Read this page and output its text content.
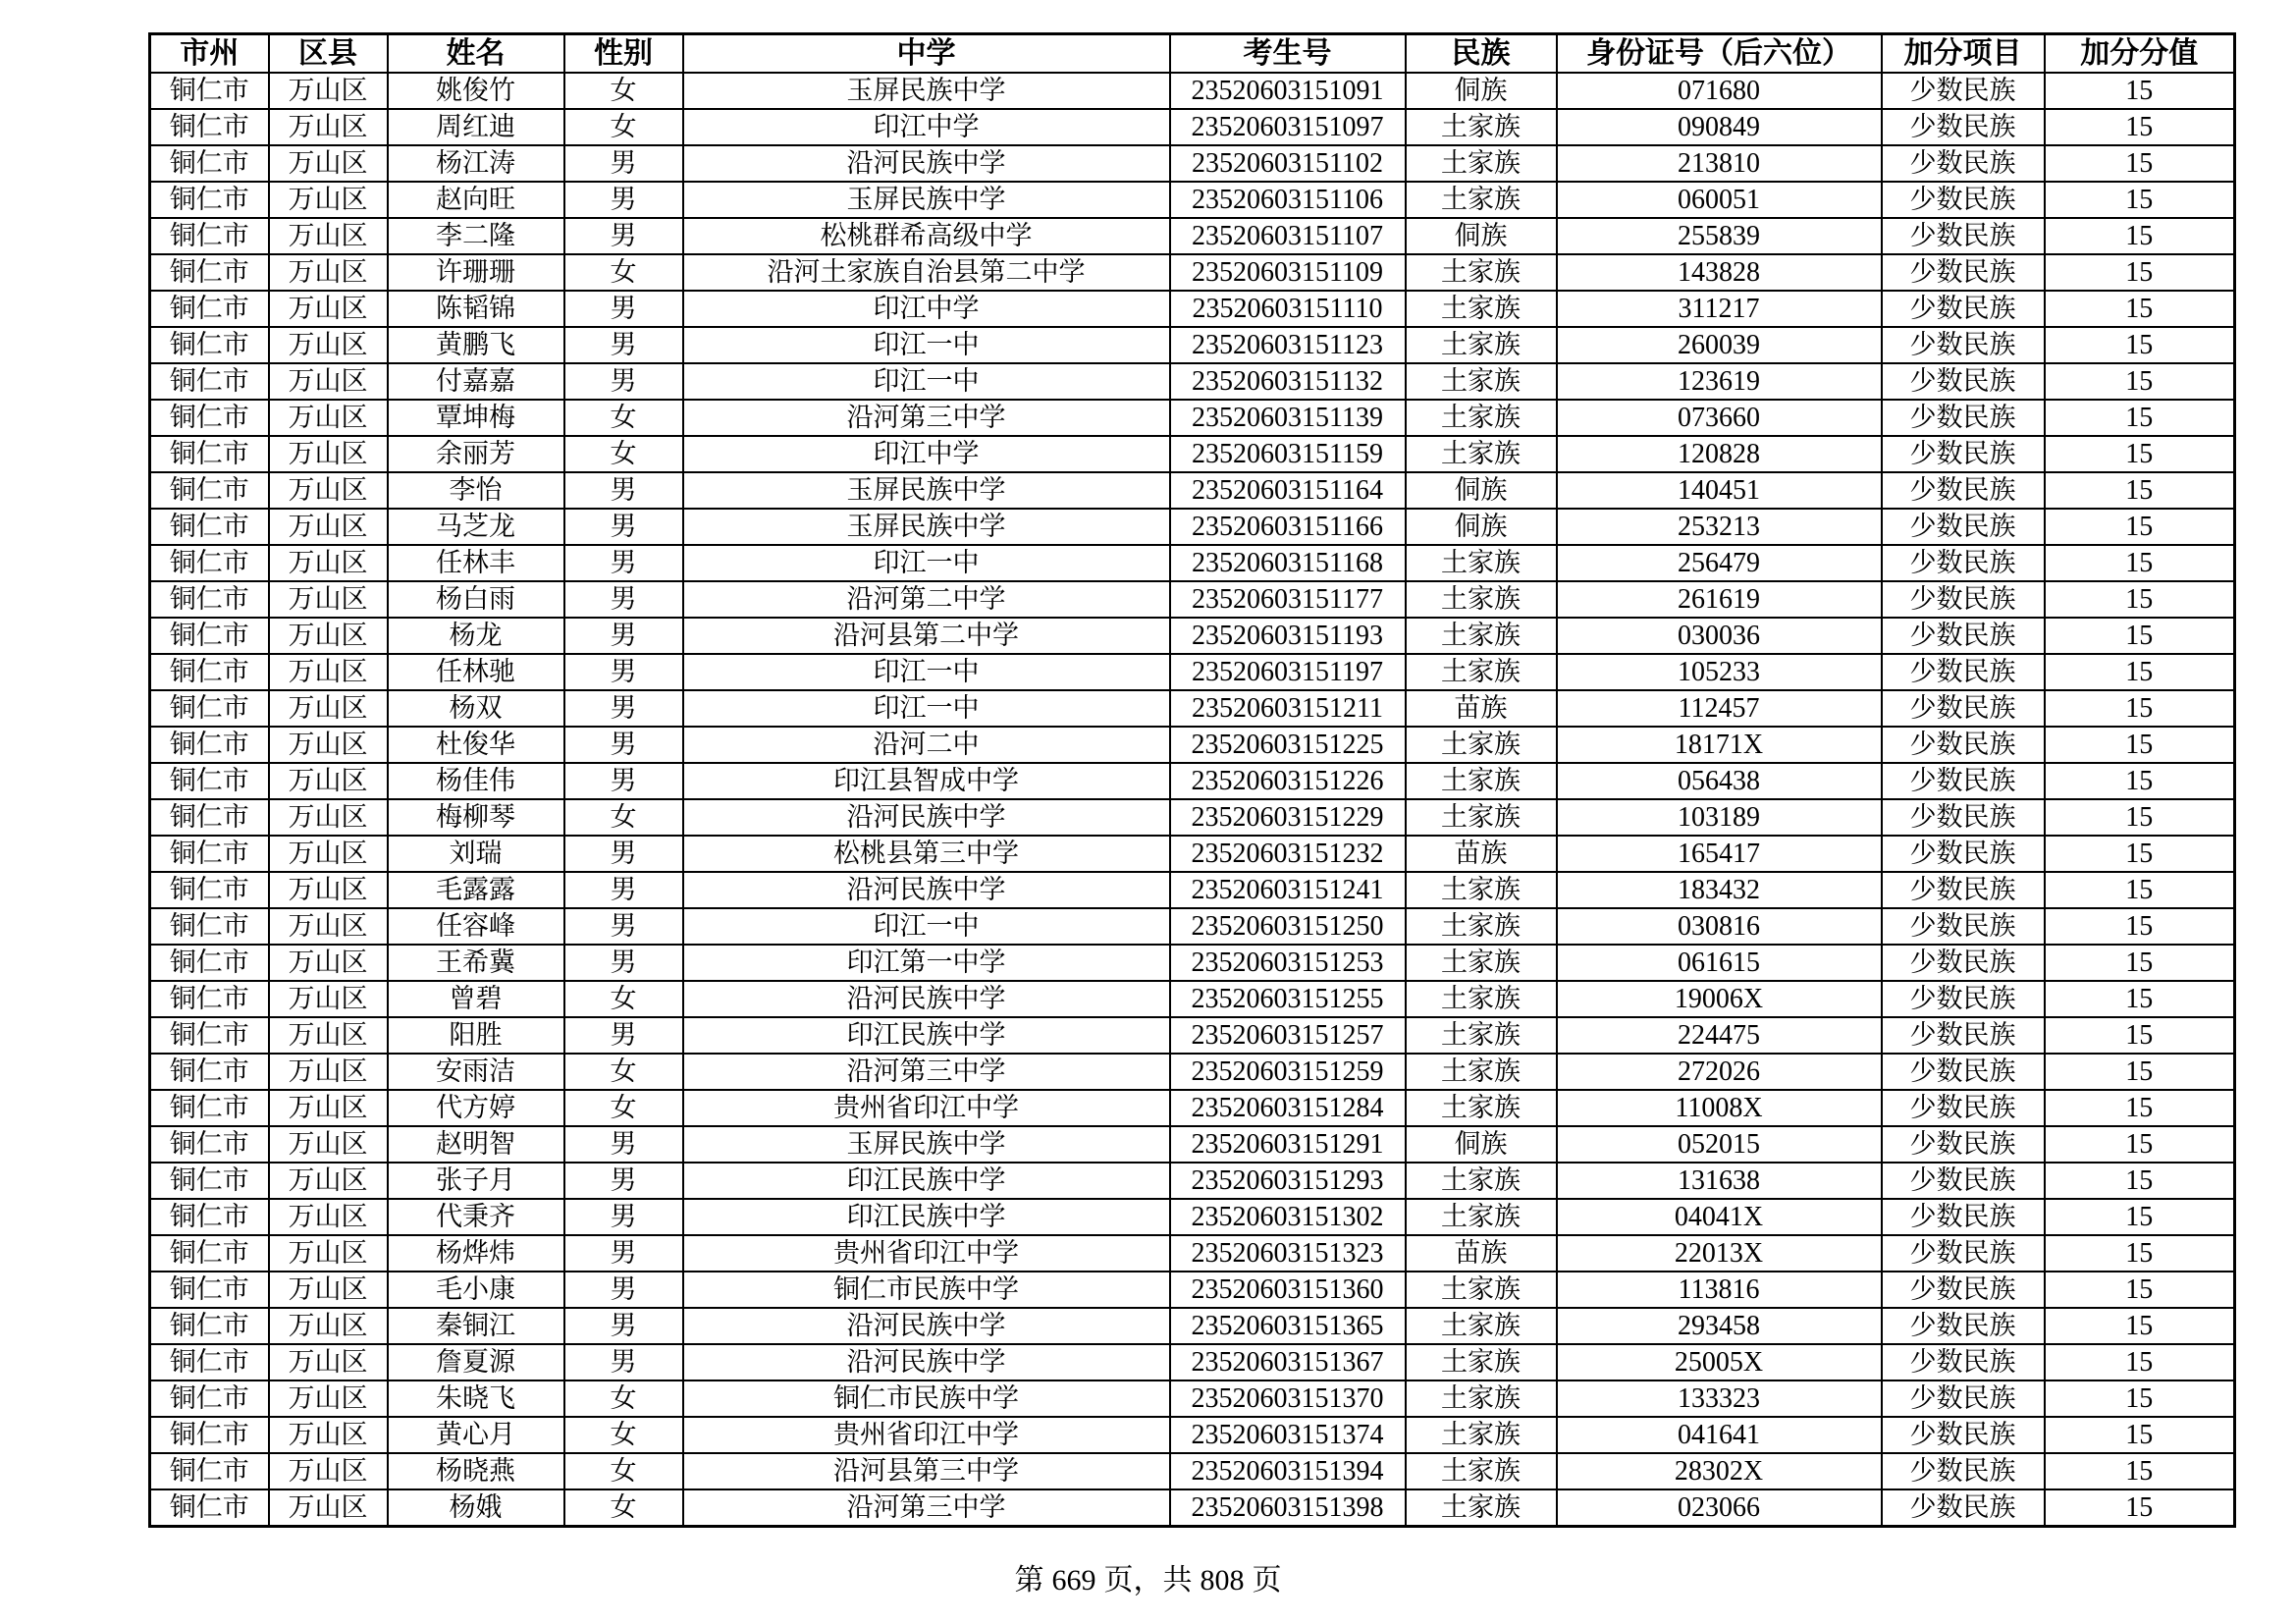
市州	区县	姓名	性别	中学	考生号	民族	身份证号（后六位）	加分项目	加分分值
铜仁市	万山区	姚俊竹	女	玉屏民族中学	23520603151091	侗族	071680	少数民族	15
铜仁市	万山区	周红迪	女	印江中学	23520603151097	土家族	090849	少数民族	15
铜仁市	万山区	杨江涛	男	沿河民族中学	23520603151102	土家族	213810	少数民族	15
铜仁市	万山区	赵向旺	男	玉屏民族中学	23520603151106	土家族	060051	少数民族	15
铜仁市	万山区	李二隆	男	松桃群希高级中学	23520603151107	侗族	255839	少数民族	15
铜仁市	万山区	许珊珊	女	沿河土家族自治县第二中学	23520603151109	土家族	143828	少数民族	15
铜仁市	万山区	陈韬锦	男	印江中学	23520603151110	土家族	311217	少数民族	15
铜仁市	万山区	黄鹏飞	男	印江一中	23520603151123	土家族	260039	少数民族	15
铜仁市	万山区	付嘉嘉	男	印江一中	23520603151132	土家族	123619	少数民族	15
铜仁市	万山区	覃坤梅	女	沿河第三中学	23520603151139	土家族	073660	少数民族	15
铜仁市	万山区	余丽芳	女	印江中学	23520603151159	土家族	120828	少数民族	15
铜仁市	万山区	李怡	男	玉屏民族中学	23520603151164	侗族	140451	少数民族	15
铜仁市	万山区	马芝龙	男	玉屏民族中学	23520603151166	侗族	253213	少数民族	15
铜仁市	万山区	任林丰	男	印江一中	23520603151168	土家族	256479	少数民族	15
铜仁市	万山区	杨白雨	男	沿河第二中学	23520603151177	土家族	261619	少数民族	15
铜仁市	万山区	杨龙	男	沿河县第二中学	23520603151193	土家族	030036	少数民族	15
铜仁市	万山区	任林驰	男	印江一中	23520603151197	土家族	105233	少数民族	15
铜仁市	万山区	杨双	男	印江一中	23520603151211	苗族	112457	少数民族	15
铜仁市	万山区	杜俊华	男	沿河二中	23520603151225	土家族	18171X	少数民族	15
铜仁市	万山区	杨佳伟	男	印江县智成中学	23520603151226	土家族	056438	少数民族	15
铜仁市	万山区	梅柳琴	女	沿河民族中学	23520603151229	土家族	103189	少数民族	15
铜仁市	万山区	刘瑞	男	松桃县第三中学	23520603151232	苗族	165417	少数民族	15
铜仁市	万山区	毛露露	男	沿河民族中学	23520603151241	土家族	183432	少数民族	15
铜仁市	万山区	任容峰	男	印江一中	23520603151250	土家族	030816	少数民族	15
铜仁市	万山区	王希冀	男	印江第一中学	23520603151253	土家族	061615	少数民族	15
铜仁市	万山区	曾碧	女	沿河民族中学	23520603151255	土家族	19006X	少数民族	15
铜仁市	万山区	阳胜	男	印江民族中学	23520603151257	土家族	224475	少数民族	15
铜仁市	万山区	安雨洁	女	沿河第三中学	23520603151259	土家族	272026	少数民族	15
铜仁市	万山区	代方婷	女	贵州省印江中学	23520603151284	土家族	11008X	少数民族	15
铜仁市	万山区	赵明智	男	玉屏民族中学	23520603151291	侗族	052015	少数民族	15
铜仁市	万山区	张子月	男	印江民族中学	23520603151293	土家族	131638	少数民族	15
铜仁市	万山区	代秉齐	男	印江民族中学	23520603151302	土家族	04041X	少数民族	15
铜仁市	万山区	杨烨炜	男	贵州省印江中学	23520603151323	苗族	22013X	少数民族	15
铜仁市	万山区	毛小康	男	铜仁市民族中学	23520603151360	土家族	113816	少数民族	15
铜仁市	万山区	秦铜江	男	沿河民族中学	23520603151365	土家族	293458	少数民族	15
铜仁市	万山区	詹夏源	男	沿河民族中学	23520603151367	土家族	25005X	少数民族	15
铜仁市	万山区	朱晓飞	女	铜仁市民族中学	23520603151370	土家族	133323	少数民族	15
铜仁市	万山区	黄心月	女	贵州省印江中学	23520603151374	土家族	041641	少数民族	15
铜仁市	万山区	杨晓燕	女	沿河县第三中学	23520603151394	土家族	28302X	少数民族	15
铜仁市	万山区	杨娥	女	沿河第三中学	23520603151398	土家族	023066	少数民族	15
第 669 页，共 808 页
